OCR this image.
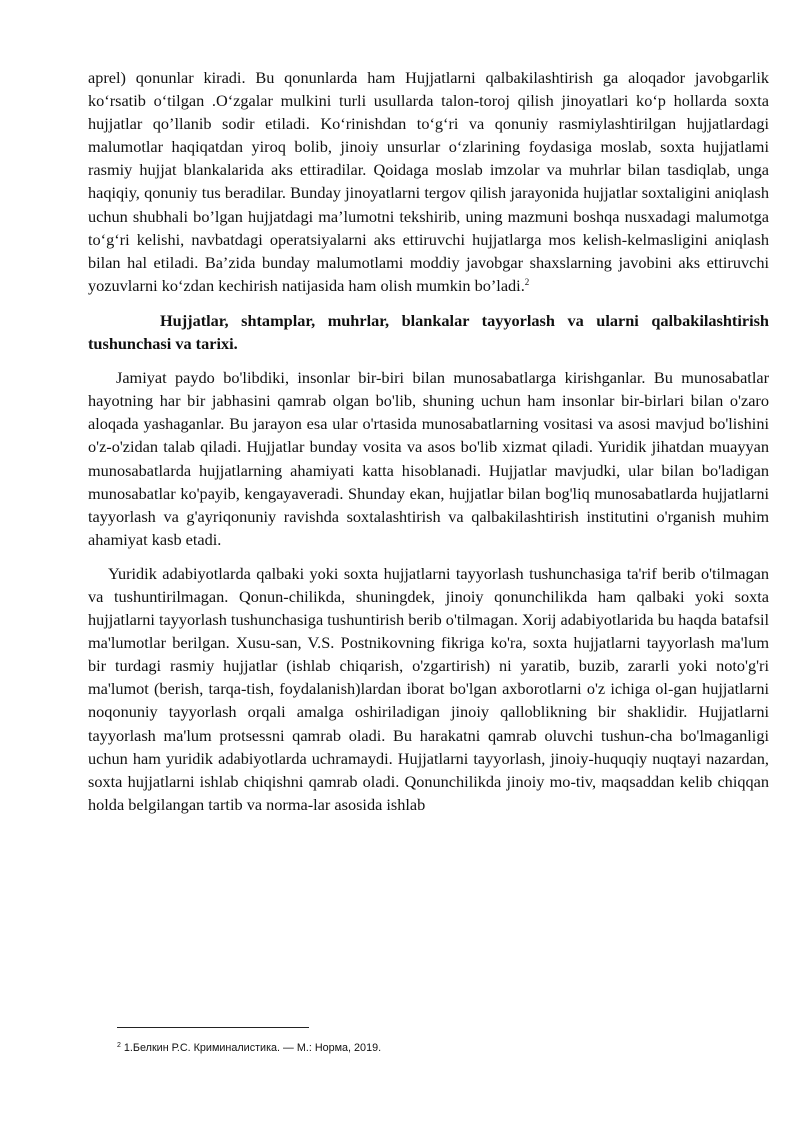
aprel) qonunlar kiradi. Bu qonunlarda ham Hujjatlarni qalbakilashtirish ga aloqador javobgarlik ko‘rsatib o‘tilgan .O‘zgalar mulkini turli usullarda talon-toroj qilish jinoyatlari ko‘p hollarda soxta hujjatlar qo’llanib sodir etiladi. Ko‘rinishdan to‘g‘ri va qonuniy rasmiylashtirilgan hujjatlardagi malumotlar haqiqatdan yiroq bolib, jinoiy unsurlar o‘zlarining foydasiga moslab, soxta hujjatlami rasmiy hujjat blankalarida aks ettiradilar. Qoidaga moslab imzolar va muhrlar bilan tasdiqlab, unga haqiqiy, qonuniy tus beradilar. Bunday jinoyatlarni tergov qilish jarayonida hujjatlar soxtaligini aniqlash uchun shubhali bo’lgan hujjatdagi ma’lumotni tekshirib, uning mazmuni boshqa nusxadagi malumotga to‘g‘ri kelishi, navbatdagi operatsiyalarni aks ettiruvchi hujjatlarga mos kelish-kelmasligini aniqlash bilan hal etiladi. Ba’zida bunday malumotlami moddiy javobgar shaxslarning javobini aks ettiruvchi yozuvlarni ko‘zdan kechirish natijasida ham olish mumkin bo’ladi.$^2$

Hujjatlar, shtamplar, muhrlar, blankalar tayyorlash va ularni qalbakilashtirish tushunchasi va tarixi.

Jamiyat paydo bo'libdiki, insonlar bir-biri bilan munosabatlarga kirishganlar. Bu munosabatlar hayotning har bir jabhasini qamrab olgan bo'lib, shuning uchun ham insonlar bir-birlari bilan o'zaro aloqada yashaganlar. Bu jarayon esa ular o'rtasida munosabatlarning vositasi va asosi mavjud bo'lishini o'z-o'zidan talab qiladi. Hujjatlar bunday vosita va asos bo'lib xizmat qiladi. Yuridik jihatdan muayyan munosabatlarda hujjatlarning ahamiyati katta hisoblanadi. Hujjatlar mavjudki, ular bilan bo'ladigan munosabatlar ko'payib, kengayaveradi. Shunday ekan, hujjatlar bilan bog'liq munosabatlarda hujjatlarni tayyorlash va g'ayriqonuniy ravishda soxtalashtirish va qalbakilashtirish institutini o'rganish muhim ahamiyat kasb etadi.

Yuridik adabiyotlarda qalbaki yoki soxta hujjatlarni tayyorlash tushunchasiga ta'rif berib o'tilmagan va tushuntirilmagan. Qonun-chilikda, shuningdek, jinoiy qonunchilikda ham qalbaki yoki soxta hujjatlarni tayyorlash tushunchasiga tushuntirish berib o'tilmagan. Xorij adabiyotlarida bu haqda batafsil ma'lumotlar berilgan. Xusu-san, V.S. Postnikovning fikriga ko'ra, soxta hujjatlarni tayyorlash ma'lum bir turdagi rasmiy hujjatlar (ishlab chiqarish, o'zgartirish) ni yaratib, buzib, zararli yoki noto'g'ri ma'lumot (berish, tarqa-tish, foydalanish)lardan iborat bo'lgan axborotlarni o'z ichiga ol-gan hujjatlarni noqonuniy tayyorlash orqali amalga oshiriladigan jinoiy qalloblikning bir shaklidir. Hujjatlarni tayyorlash ma'lum protsessni qamrab oladi. Bu harakatni qamrab oluvchi tushun-cha bo'lmaganligi uchun ham yuridik adabiyotlarda uchramaydi. Hujjatlarni tayyorlash, jinoiy-huquqiy nuqtayi nazardan, soxta hujjatlarni ishlab chiqishni qamrab oladi. Qonunchilikda jinoiy mo-tiv, maqsaddan kelib chiqqan holda belgilangan tartib va norma-lar asosida ishlab

$^2$ 1.Белкин Р.С. Криминалистика. — М.: Норма, 2019.
